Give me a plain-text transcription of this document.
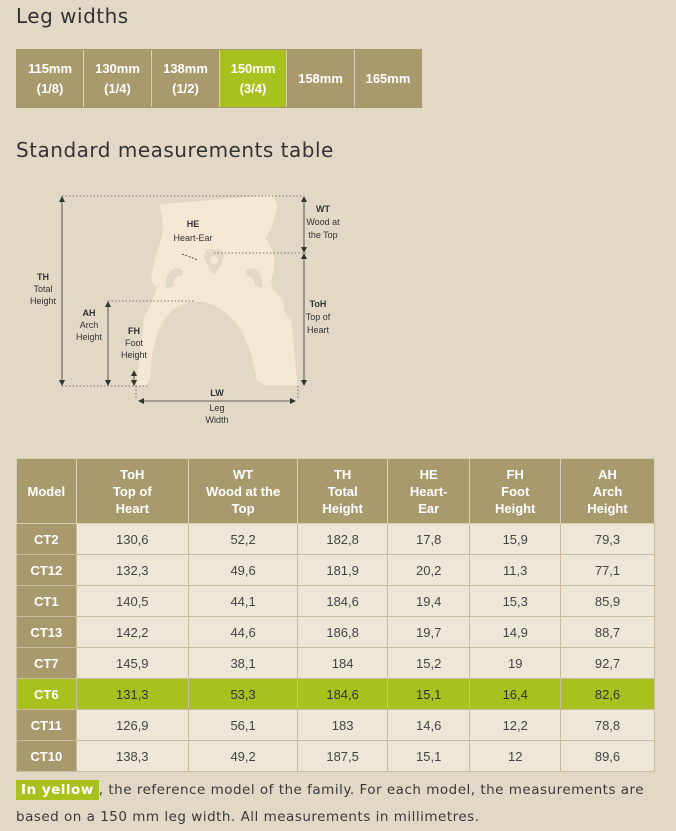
Leg widths
115mm
(1/8)
130mm
(1/4)
138mm
(1/2)
150mm
(3/4)
158mm 165mm
Standard measurements table
TH
Total
Height
AH
Arch
Height
FH
Foot
Height
HE
Heart-Ear
WT
Wood at
the Top
ToH
Top of
Heart
LW
Leg
Width
Model	ToH
Top of
Heart	WT
Wood at the
Top	TH
Total
Height	HE
Heart-
Ear	FH
Foot
Height	AH
Arch
Height
CT2	130,6	52,2	182,8	17,8	15,9	79,3
CT12	132,3	49,6	181,9	20,2	11,3	77,1
CT1	140,5	44,1	184,6	19,4	15,3	85,9
CT13	142,2	44,6	186,8	19,7	14,9	88,7
CT7	145,9	38,1	184	15,2	19	92,7
CT6	131,3	53,3	184,6	15,1	16,4	82,6
CT11	126,9	56,1	183	14,6	12,2	78,8
CT10	138,3	49,2	187,5	15,1	12	89,6
In yellow , the reference model of the family. For each model, the measurements are based on a 150 mm leg width. All measurements in millimetres.
